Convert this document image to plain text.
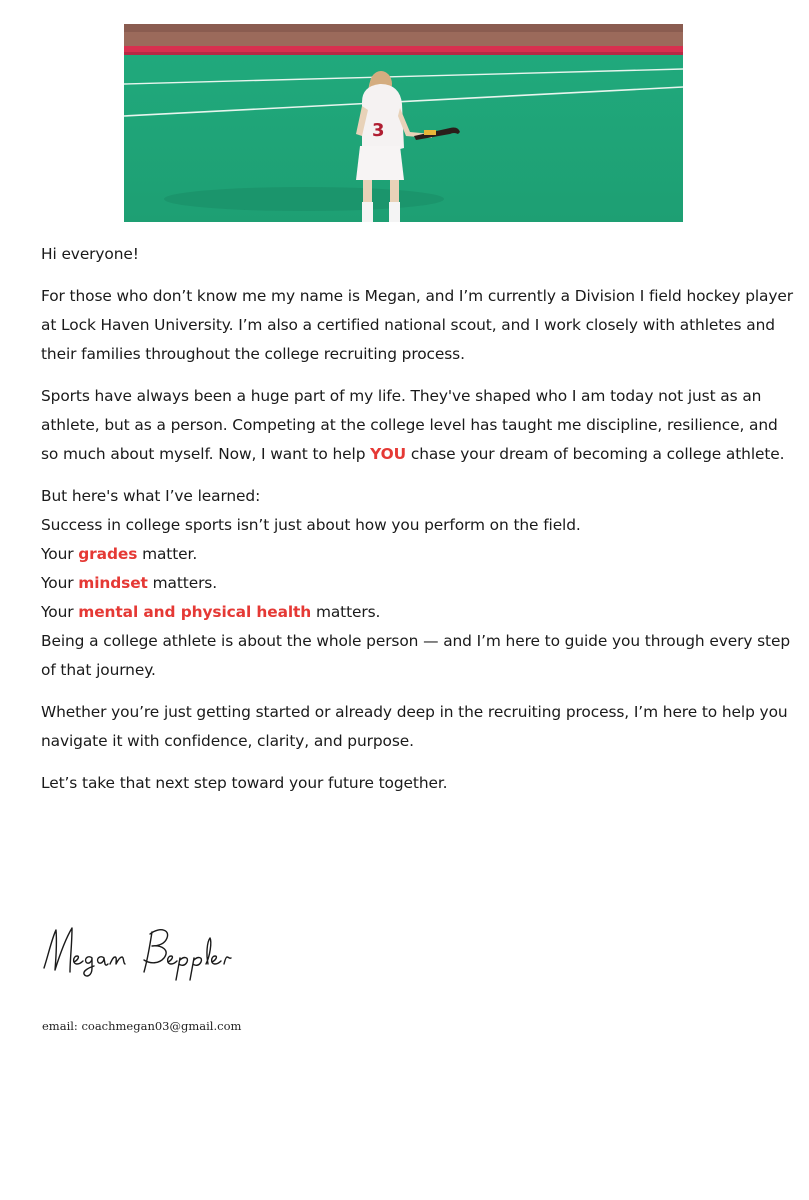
3

Hi everyone!

For those who don’t know me my name is Megan, and I’m currently a Division I field hockey player at Lock Haven University. I’m also a certified national scout, and I work closely with athletes and their families throughout the college recruiting process.

Sports have always been a huge part of my life. They've shaped who I am today not just as an athlete, but as a person. Competing at the college level has taught me discipline, resilience, and so much about myself. Now, I want to help YOU chase your dream of becoming a college athlete.

But here's what I’ve learned:

Success in college sports isn’t just about how you perform on the field.

Your grades matter.

Your mindset matters.

Your mental and physical health matters.

Being a college athlete is about the whole person — and I’m here to guide you through every step of that journey.

Whether you’re just getting started or already deep in the recruiting process, I’m here to help you navigate it with confidence, clarity, and purpose.

Let’s take that next step toward your future together.

email: coachmegan03@gmail.com
